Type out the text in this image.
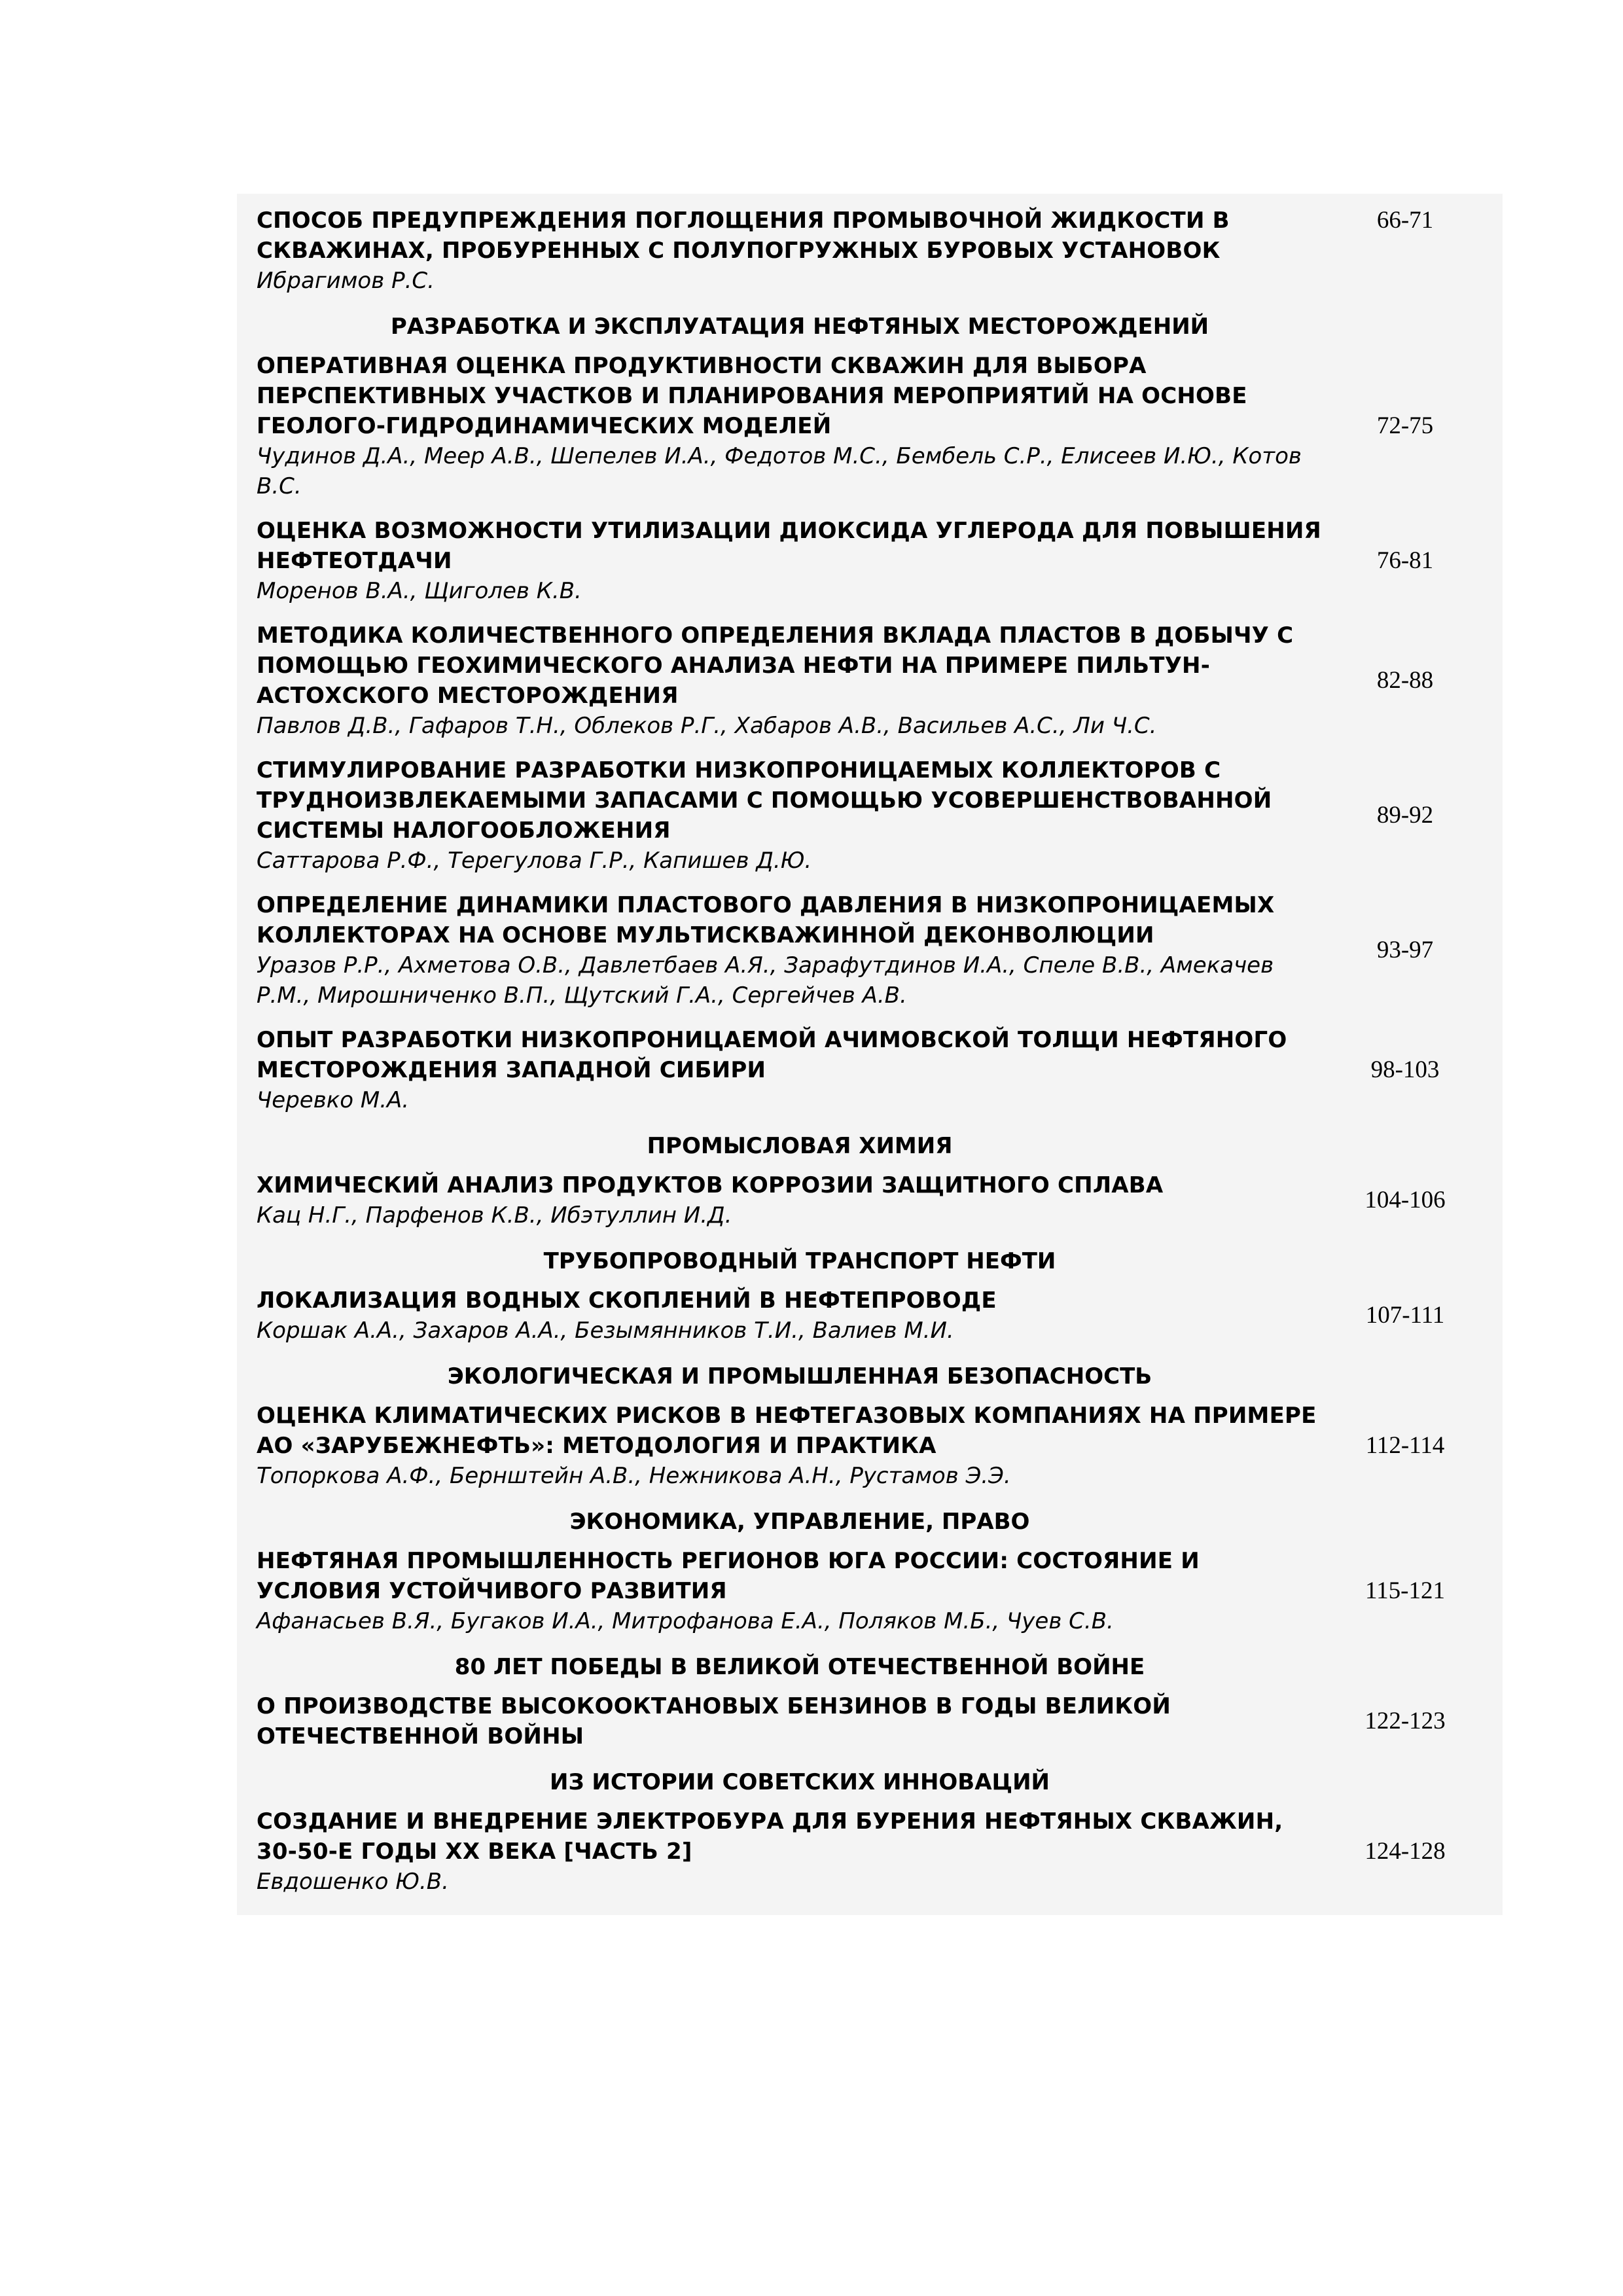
СПОСОБ ПРЕДУПРЕЖДЕНИЯ ПОГЛОЩЕНИЯ ПРОМЫВОЧНОЙ ЖИДКОСТИ В СКВАЖИНАХ, ПРОБУРЕННЫХ С ПОЛУПОГРУЖНЫХ БУРОВЫХ УСТАНОВОК
Ибрагимов Р.С.
66-71
РАЗРАБОТКА И ЭКСПЛУАТАЦИЯ НЕФТЯНЫХ МЕСТОРОЖДЕНИЙ
ОПЕРАТИВНАЯ ОЦЕНКА ПРОДУКТИВНОСТИ СКВАЖИН ДЛЯ ВЫБОРА ПЕРСПЕКТИВНЫХ УЧАСТКОВ И ПЛАНИРОВАНИЯ МЕРОПРИЯТИЙ НА ОСНОВЕ ГЕОЛОГО-ГИДРОДИНАМИЧЕСКИХ МОДЕЛЕЙ
Чудинов Д.А., Меер А.В., Шепелев И.А., Федотов М.С., Бембель С.Р., Елисеев И.Ю., Котов В.С.
72-75
ОЦЕНКА ВОЗМОЖНОСТИ УТИЛИЗАЦИИ ДИОКСИДА УГЛЕРОДА ДЛЯ ПОВЫШЕНИЯ НЕФТЕОТДАЧИ
Моренов В.А., Щиголев К.В.
76-81
МЕТОДИКА КОЛИЧЕСТВЕННОГО ОПРЕДЕЛЕНИЯ ВКЛАДА ПЛАСТОВ В ДОБЫЧУ С ПОМОЩЬЮ ГЕОХИМИЧЕСКОГО АНАЛИЗА НЕФТИ НА ПРИМЕРЕ ПИЛЬТУН-АСТОХСКОГО МЕСТОРОЖДЕНИЯ
Павлов Д.В., Гафаров Т.Н., Облеков Р.Г., Хабаров А.В., Васильев А.С., Ли Ч.С.
82-88
СТИМУЛИРОВАНИЕ РАЗРАБОТКИ НИЗКОПРОНИЦАЕМЫХ КОЛЛЕКТОРОВ С ТРУДНОИЗВЛЕКАЕМЫМИ ЗАПАСАМИ С ПОМОЩЬЮ УСОВЕРШЕНСТВОВАННОЙ СИСТЕМЫ НАЛОГООБЛОЖЕНИЯ
Саттарова Р.Ф., Терегулова Г.Р., Капишев Д.Ю.
89-92
ОПРЕДЕЛЕНИЕ ДИНАМИКИ ПЛАСТОВОГО ДАВЛЕНИЯ В НИЗКОПРОНИЦАЕМЫХ КОЛЛЕКТОРАХ НА ОСНОВЕ МУЛЬТИСКВАЖИННОЙ ДЕКОНВОЛЮЦИИ
Уразов Р.Р., Ахметова О.В., Давлетбаев А.Я., Зарафутдинов И.А., Спеле В.В., Амекачев Р.М., Мирошниченко В.П., Щутский Г.А., Сергейчев А.В.
93-97
ОПЫТ РАЗРАБОТКИ НИЗКОПРОНИЦАЕМОЙ АЧИМОВСКОЙ ТОЛЩИ НЕФТЯНОГО МЕСТОРОЖДЕНИЯ ЗАПАДНОЙ СИБИРИ
Черевко М.А.
98-103
ПРОМЫСЛОВАЯ ХИМИЯ
ХИМИЧЕСКИЙ АНАЛИЗ ПРОДУКТОВ КОРРОЗИИ ЗАЩИТНОГО СПЛАВА
Кац Н.Г., Парфенов К.В., Ибэтуллин И.Д.
104-106
ТРУБОПРОВОДНЫЙ ТРАНСПОРТ НЕФТИ
ЛОКАЛИЗАЦИЯ ВОДНЫХ СКОПЛЕНИЙ В НЕФТЕПРОВОДЕ
Коршак А.А., Захаров А.А., Безымянников Т.И., Валиев М.И.
107-111
ЭКОЛОГИЧЕСКАЯ И ПРОМЫШЛЕННАЯ БЕЗОПАСНОСТЬ
ОЦЕНКА КЛИМАТИЧЕСКИХ РИСКОВ В НЕФТЕГАЗОВЫХ КОМПАНИЯХ НА ПРИМЕРЕ АО «ЗАРУБЕЖНЕФТЬ»: МЕТОДОЛОГИЯ И ПРАКТИКА
Топоркова А.Ф., Бернштейн А.В., Нежникова А.Н., Рустамов Э.Э.
112-114
ЭКОНОМИКА, УПРАВЛЕНИЕ, ПРАВО
НЕФТЯНАЯ ПРОМЫШЛЕННОСТЬ РЕГИОНОВ ЮГА РОССИИ: СОСТОЯНИЕ И УСЛОВИЯ УСТОЙЧИВОГО РАЗВИТИЯ
Афанасьев В.Я., Бугаков И.А., Митрофанова Е.А., Поляков М.Б., Чуев С.В.
115-121
80 ЛЕТ ПОБЕДЫ В ВЕЛИКОЙ ОТЕЧЕСТВЕННОЙ ВОЙНЕ
О ПРОИЗВОДСТВЕ ВЫСОКООКТАНОВЫХ БЕНЗИНОВ В ГОДЫ ВЕЛИКОЙ ОТЕЧЕСТВЕННОЙ ВОЙНЫ
122-123
ИЗ ИСТОРИИ СОВЕТСКИХ ИННОВАЦИЙ
СОЗДАНИЕ И ВНЕДРЕНИЕ ЭЛЕКТРОБУРА ДЛЯ БУРЕНИЯ НЕФТЯНЫХ СКВАЖИН, 30-50-Е ГОДЫ XX ВЕКА [ЧАСТЬ 2]
Евдошенко Ю.В.
124-128
